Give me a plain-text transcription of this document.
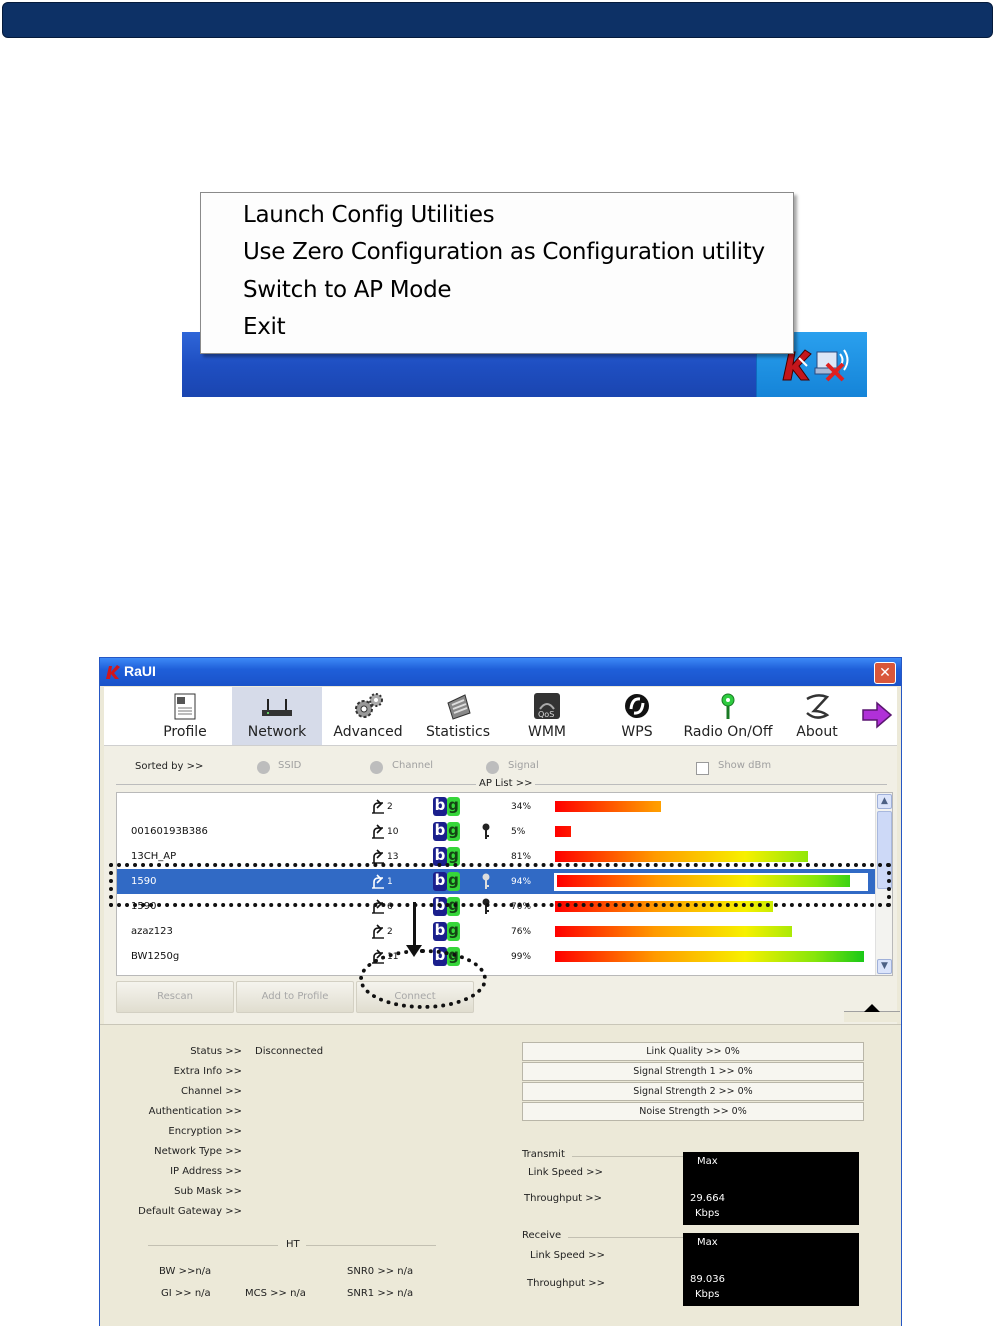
Launch Config Utilities
Use Zero Configuration as Configuration utility
Switch to AP Mode
Exit
RaUI	✕
Profile	Network	Advanced	Statistics
QoS
WMM	WPS	Radio On/Off	About
Sorted by >>	SSID	Channel	Signal	Show dBm
AP List >>
2	b g	34%
00160193B386	10 b g	5%
13CH_AP	13 b g	81%
1590	1	b g	94%
1590	6	b g	70%
azaz123	2	b g	76%
BW1250g	11 b g	99%
▲
▼
Rescan	Add to Profile	Connect
Status >> Disconnected
Extra Info >>
Channel >>
Authentication >>
Encryption >>
Network Type >>
IP Address >>
Sub Mask >>
Default Gateway >>
Link Quality >> 0%
Signal Strength 1 >> 0%
Signal Strength 2 >> 0%
Noise Strength >> 0%
Transmit
Link Speed >>
Throughput >>
Max
29.664
Kbps
Receive
Link Speed >>
Throughput >>
Max
89.036
Kbps
HT
BW >>n/a
GI >> n/a	MCS >> n/a
SNR0 >> n/a
SNR1 >> n/a
